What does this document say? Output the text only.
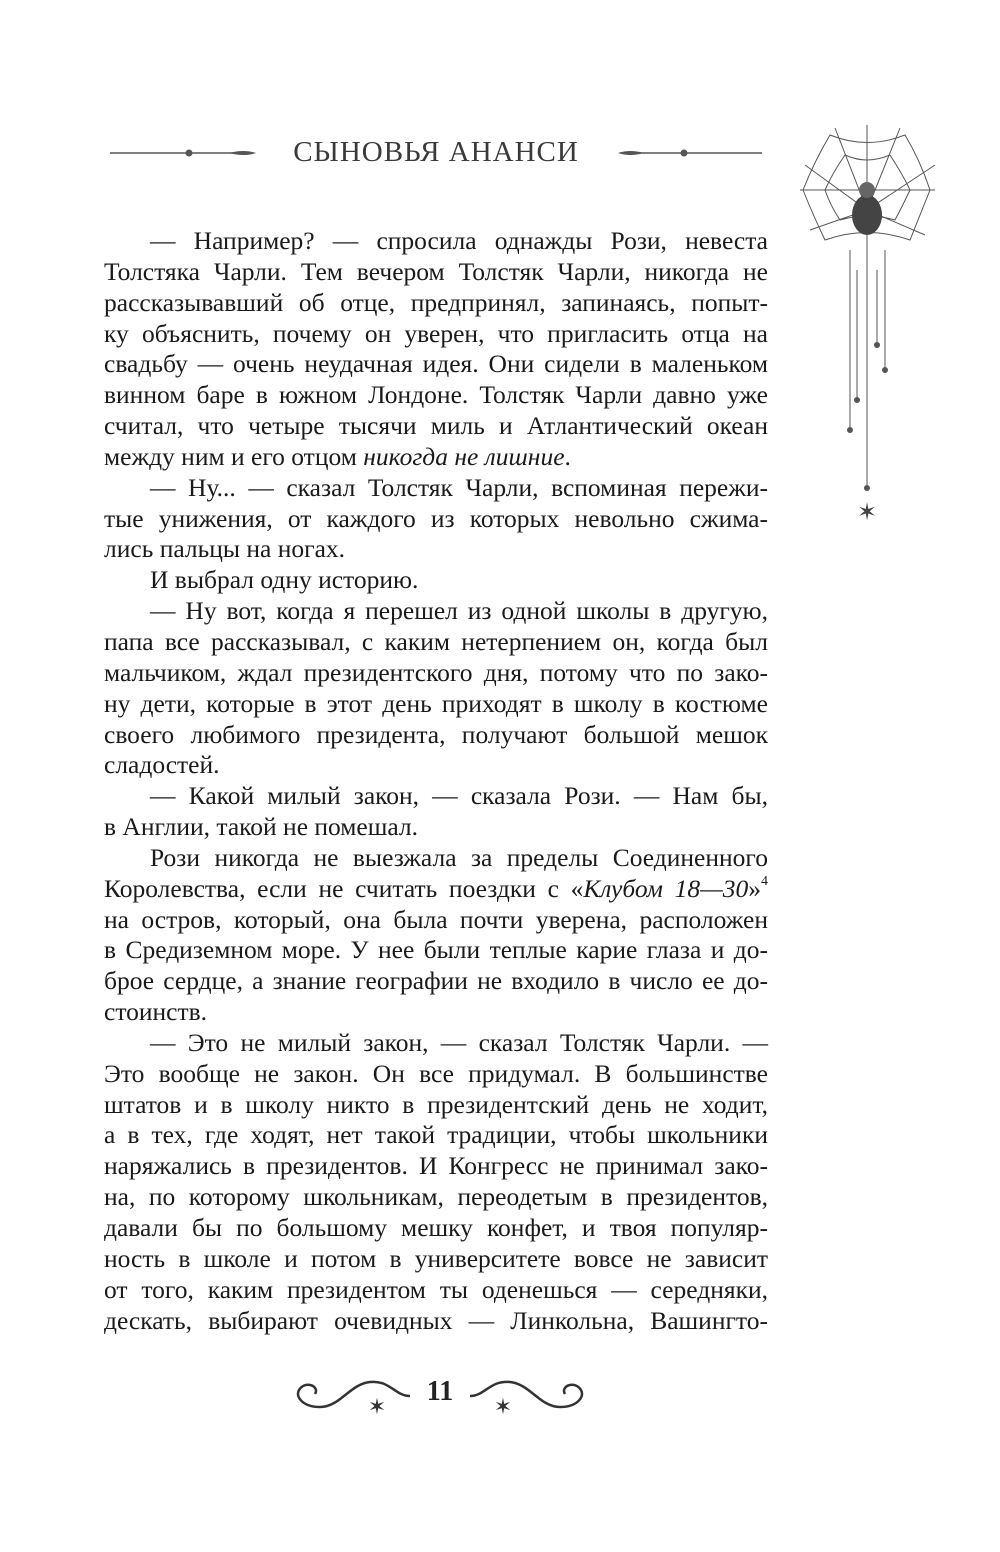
СЫНОВЬЯ АНАНСИ
✶
— Например? — спросила однажды Рози, невеста
Толстяка Чарли. Тем вечером Толстяк Чарли, никогда не
рассказывавший об отце, предпринял, запинаясь, попыт-
ку объяснить, почему он уверен, что пригласить отца на
свадьбу — очень неудачная идея. Они сидели в маленьком
винном баре в южном Лондоне. Толстяк Чарли давно уже
считал, что четыре тысячи миль и Атлантический океан
между ним и его отцом никогда не лишние.
— Ну... — сказал Толстяк Чарли, вспоминая пережи-
тые унижения, от каждого из которых невольно сжима-
лись пальцы на ногах.
И выбрал одну историю.
— Ну вот, когда я перешел из одной школы в другую,
папа все рассказывал, с каким нетерпением он, когда был
мальчиком, ждал президентского дня, потому что по зако-
ну дети, которые в этот день приходят в школу в костюме
своего любимого президента, получают большой мешок
сладостей.
— Какой милый закон, — сказала Рози. — Нам бы,
в Англии, такой не помешал.
Рози никогда не выезжала за пределы Соединенного
Королевства, если не считать поездки с «Клубом 18—30»$^4$
на остров, который, она была почти уверена, расположен
в Средиземном море. У нее были теплые карие глаза и до-
брое сердце, а знание географии не входило в число ее до-
стоинств.
— Это не милый закон, — сказал Толстяк Чарли. —
Это вообще не закон. Он все придумал. В большинстве
штатов и в школу никто в президентский день не ходит,
а в тех, где ходят, нет такой традиции, чтобы школьники
наряжались в президентов. И Конгресс не принимал зако-
на, по которому школьникам, переодетым в президентов,
давали бы по большому мешку конфет, и твоя популяр-
ность в школе и потом в университете вовсе не зависит
от того, каким президентом ты оденешься — середняки,
дескать, выбирают очевидных — Линкольна, Вашингто-
✶	✶
11
